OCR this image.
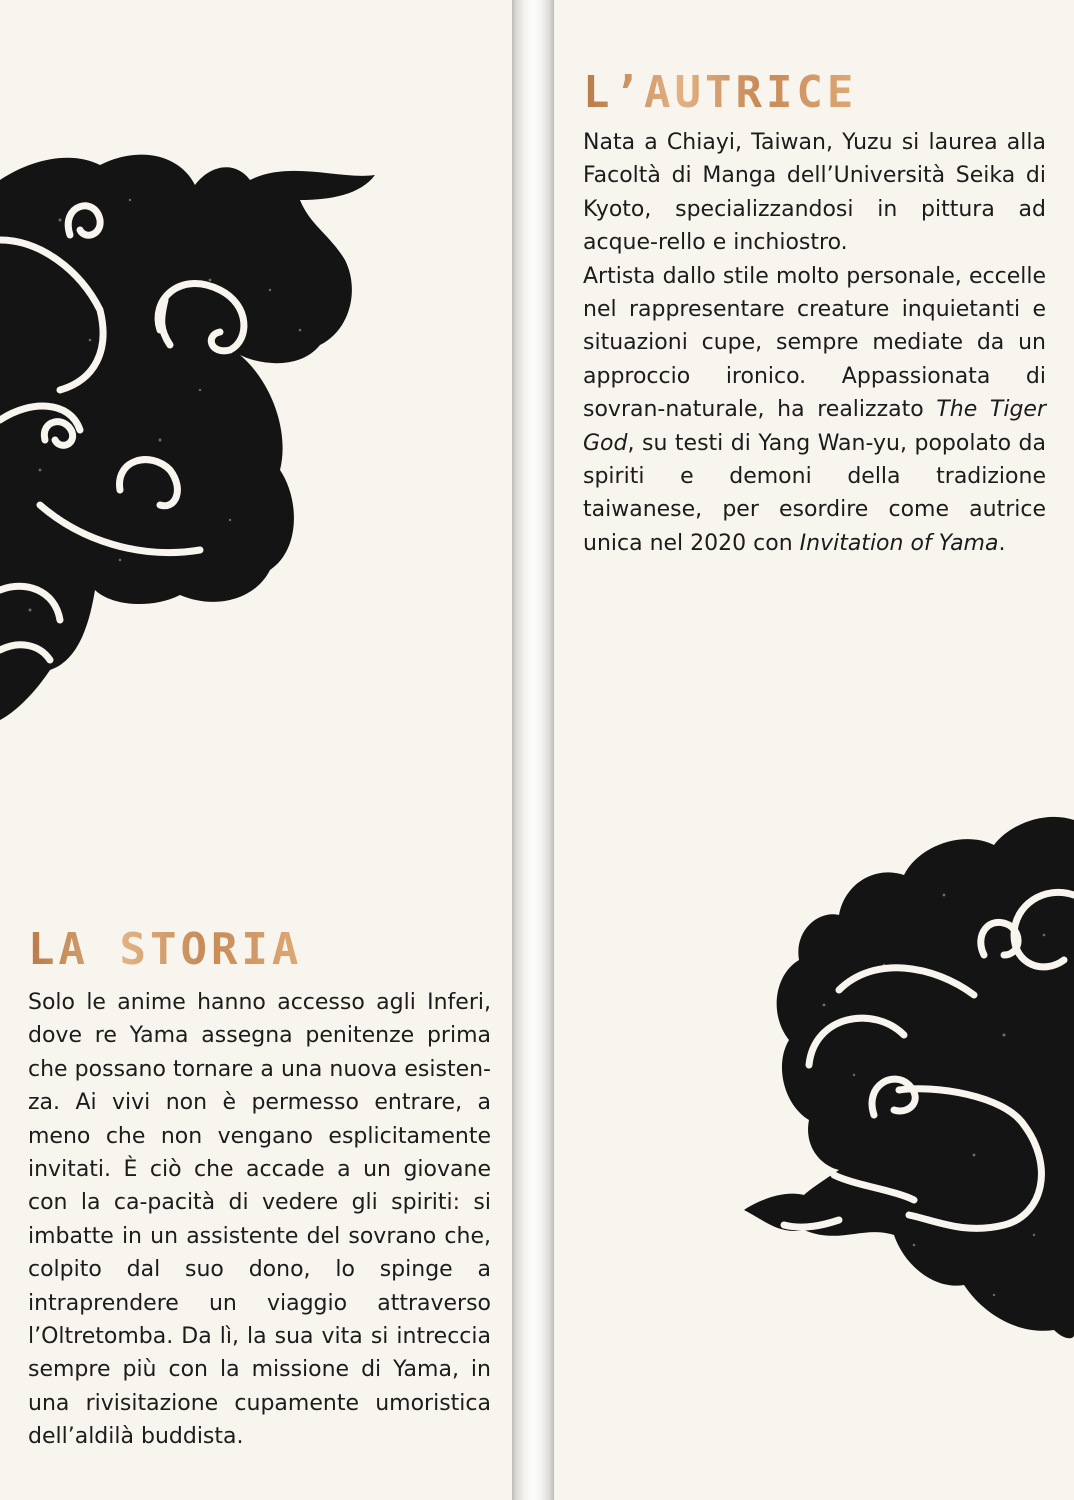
LA STORIA

Solo le anime hanno accesso agli Inferi, dove re Yama assegna penitenze prima che possano tornare a una nuova esisten-za. Ai vivi non è permesso entrare, a meno che non vengano esplicitamente invitati. È ciò che accade a un giovane con la ca-pacità di vedere gli spiriti: si imbatte in un assistente del sovrano che, colpito dal suo dono, lo spinge a intraprendere un viaggio attraverso l’Oltretomba. Da lì, la sua vita si intreccia sempre più con la missione di Yama, in una rivisitazione cupamente umoristica dell’aldilà buddista.

L’AUTRICE

Nata a Chiayi, Taiwan, Yuzu si laurea alla Facoltà di Manga dell’Università Seika di Kyoto, specializzandosi in pittura ad acque-rello e inchiostro.
Artista dallo stile molto personale, eccelle nel rappresentare creature inquietanti e situazioni cupe, sempre mediate da un approccio ironico. Appassionata di sovran-naturale, ha realizzato The Tiger God, su testi di Yang Wan-yu, popolato da spiriti e demoni della tradizione taiwanese, per esordire come autrice unica nel 2020 con Invitation of Yama.
